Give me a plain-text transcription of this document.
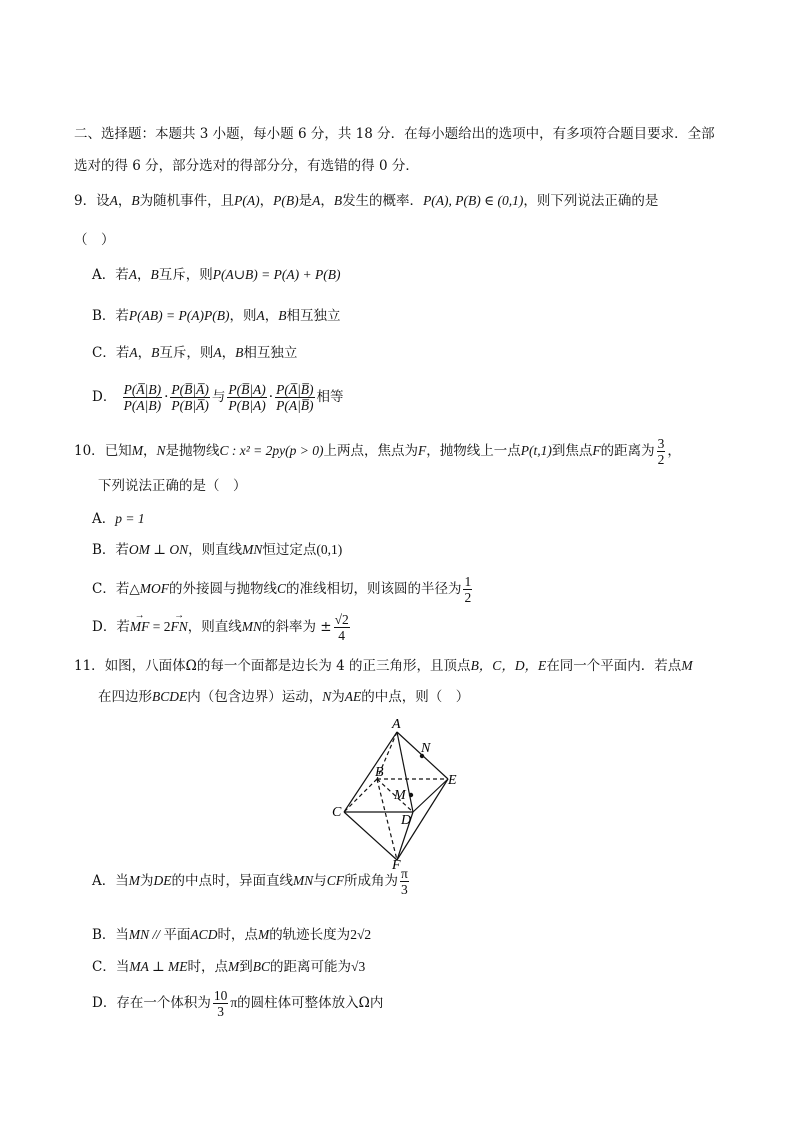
二、选择题：本题共 3 小题，每小题 6 分，共 18 分．在每小题给出的选项中，有多项符合题目要求．全部
选对的得 6 分，部分选对的得部分分，有选错的得 0 分．
9．设A，B为随机事件，且P(A)，P(B)是A，B发生的概率．P(A), P(B) ∈ (0,1)，则下列说法正确的是
（　）
A．若A，B互斥，则P(A∪B) = P(A) + P(B)
B．若P(AB) = P(A)P(B)，则A，B相互独立
C．若A，B互斥，则A，B相互独立
D． $\frac{P(A̅|B)}{P(A|B)} \cdot \frac{P(B̅|A̅)}{P(B|A̅)}$ 与 $\frac{P(B̅|A)}{P(B|A)} \cdot \frac{P(A̅|B̅)}{P(A|B̅)}$ 相等
10．已知M，N是抛物线C : x² = 2py(p > 0)上两点，焦点为F，抛物线上一点P(t,1)到焦点F的距离为 $\frac{3}{2}$ ，
下列说法正确的是（　）
A．p = 1
B．若OM ⊥ ON，则直线MN恒过定点(0,1)
C．若△MOF的外接圆与抛物线C的准线相切，则该圆的半径为 $\frac{1}{2}$
D．若→ MF = 2→ FN，则直线MN的斜率为 ± $\frac{√2}{4}$
11．如图，八面体Ω的每一个面都是边长为 4 的正三角形，且顶点B，C，D，E在同一个平面内．若点M
在四边形BCDE内（包含边界）运动，N为AE的中点，则（　）
A
B
C
D
E
F
M
N
A．当M为DE的中点时，异面直线MN与CF所成角为 $\frac{\pi}{3}$
B．当MN // 平面ACD时，点M的轨迹长度为2√2
C．当MA ⊥ ME时，点M到BC的距离可能为√3
D．存在一个体积为 $\frac{10}{3}$ π的圆柱体可整体放入Ω内
